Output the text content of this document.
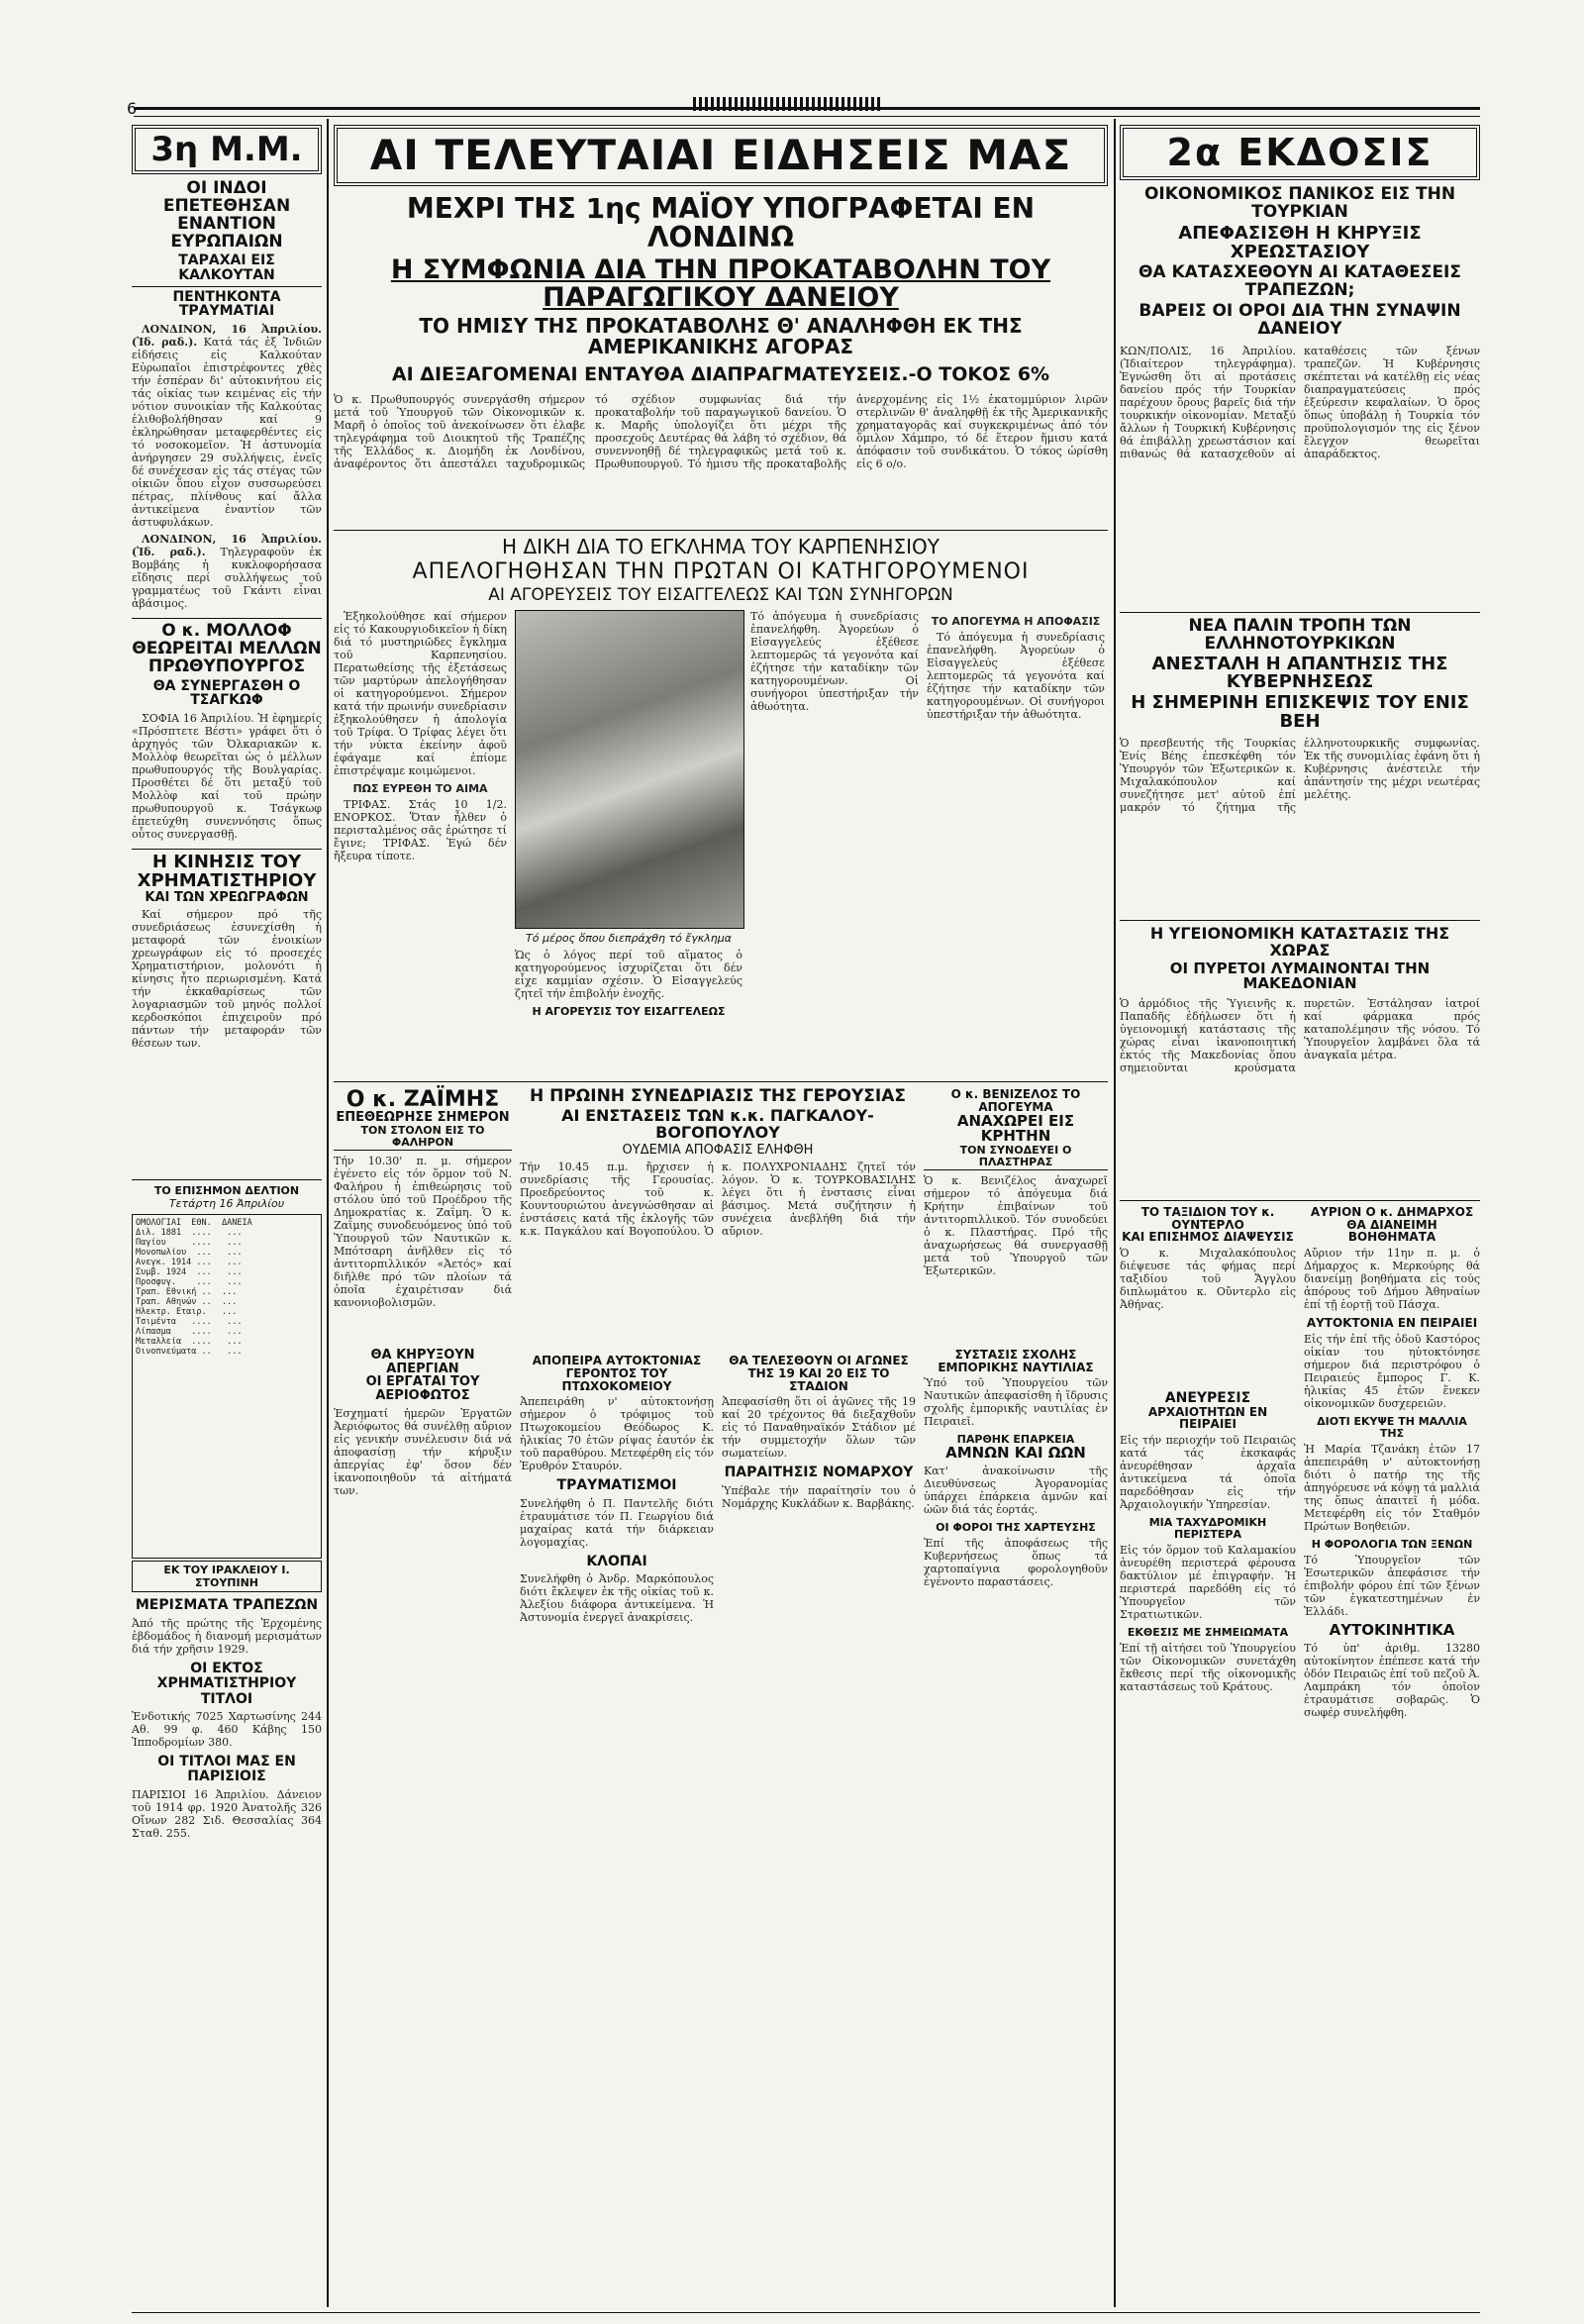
6
3η Μ.Μ.
ΟΙ ΙΝΔΟΙ ΕΠΕΤΕΘΗΣΑΝ ΕΝΑΝΤΙΟΝ ΕΥΡΩΠΑΙΩΝ
ΤΑΡΑΧΑΙ ΕΙΣ ΚΑΛΚΟΥΤΑΝ
ΠΕΝΤΗΚΟΝΤΑ ΤΡΑΥΜΑΤΙΑΙ

ΛΟΝΔΙΝΟΝ, 16 Ἀπριλίου. (Ἰδ. ραδ.). Κατά τάς ἐξ Ἰνδιῶν εἰδήσεις εἰς Καλκούταν Εὐρωπαῖοι ἐπιστρέφοντες χθὲς τήν ἑσπέραν δι' αὐτοκινήτου εἰς τάς οἰκίας των κειμένας εἰς τήν νότιον συνοικίαν τῆς Καλκούτας ἐλιθοβολήθησαν καί 9 ἐκληρώθησαν μεταφερθέντες εἰς τό νοσοκομεῖον. Ἡ ἀστυνομία ἀνήργησεν 29 συλλήψεις, ἐνεῖς δέ συνέχεσαν εἰς τάς στέγας τῶν οἰκιῶν ὅπου εἶχον συσσωρεύσει πέτρας, πλίνθους καί ἄλλα ἀντικείμενα ἐναντίον τῶν ἀστυφυλάκων.

ΛΟΝΔΙΝΟΝ, 16 Ἀπριλίου. (Ἰδ. ραδ.). Τηλεγραφοῦν ἐκ Βομβάης ἡ κυκλοφορήσασα εἴδησις περί συλλήψεως τοῦ γραμματέως τοῦ Γκάντι εἶναι ἀβάσιμος.

Ο κ. ΜΟΛΛΟΦ ΘΕΩΡΕΙΤΑΙ ΜΕΛΛΩΝ ΠΡΩΘΥΠΟΥΡΓΟΣ
ΘΑ ΣΥΝΕΡΓΑΣΘΗ Ο ΤΣΑΓΚΩΦ

ΣΟΦΙΑ 16 Ἀπριλίου. Ἡ ἐφημερίς «Πρόσπτετε Βέστι» γράφει ὅτι ὁ ἀρχηγός τῶν Ὀλκαριακῶν κ. Μολλὸφ θεωρεῖται ὡς ὁ μέλλων πρωθυπουργός τῆς Βουλγαρίας. Προσθέτει δέ ὅτι μεταξύ τοῦ Μολλὸφ καί τοῦ πρώην πρωθυπουργοῦ κ. Τσάγκωφ ἐπετεύχθη συνεννόησις ὅπως οὗτος συνεργασθῇ.

Η ΚΙΝΗΣΙΣ ΤΟΥ ΧΡΗΜΑΤΙΣΤΗΡΙΟΥ
ΚΑΙ ΤΩΝ ΧΡΕΩΓΡΑΦΩΝ

Καί σήμερον πρό τῆς συνεδριάσεως ἐσυνεχίσθη ἡ μεταφορά τῶν ἐνοικίων χρεωγράφων εἰς τό προσεχές Χρηματιστήριον, μολονότι ἡ κίνησις ἦτο περιωρισμένη. Κατά τήν ἐκκαθαρίσεως τῶν λογαριασμῶν τοῦ μηνός πολλοί κερδοσκόποι ἐπιχειροῦν πρό πάντων τήν μεταφοράν τῶν θέσεων των.

ΤΟ ΕΠΙΣΗΜΟΝ ΔΕΛΤΙΟΝ
Τετάρτη 16 Ἀπριλίου
ΟΜΟΛΟΓΙΑΙ  ΕΘΝ.  ΔΑΝΕΙΑ
Διλ. 1881  ....   ...
Παγίου     ....   ...
Μονοπωλίου  ...   ...
Ανεγκ. 1914 ...   ...
Συμβ. 1924  ...   ...
Προσφυγ.    ...   ...
Τραπ. Εθνική ..  ...
Τραπ. Αθηνών ..  ...
Ηλεκτρ. Εταιρ.   ...
Τσιμέντα   ....   ...
Λίπασμα    ....   ...
Μεταλλεία  ....   ...
Οινοπνεύματα ..   ...
ΕΚ ΤΟΥ ΙΡΑΚΛΕΙΟΥ Ι. ΣΤΟΥΠΙΝΗ
ΜΕΡΙΣΜΑΤΑ ΤΡΑΠΕΖΩΝ
Ἀπό τῆς πρώτης τῆς Ἐρχομένης ἑβδομάδος ἡ διανομή μερισμάτων διά τήν χρῆσιν 1929.
ΟΙ ΕΚΤΟΣ ΧΡΗΜΑΤΙΣΤΗΡΙΟΥ ΤΙΤΛΟΙ
Ἐνδοτικής 7025 Χαρτωσίνης 244 Αθ. 99 φ. 460 Κάβης 150 Ἰπποδρομίων 380.
ΟΙ ΤΙΤΛΟΙ ΜΑΣ ΕΝ ΠΑΡΙΣΙΟΙΣ
ΠΑΡΙΣΙΟΙ 16 Ἀπριλίου. Δάνειον τοῦ 1914 φρ. 1920 Ἀνατολῆς 326 Οἴνων 282 Σιδ. Θεσσαλίας 364 Σταθ. 255.
ΑΙ ΤΕΛΕΥΤΑΙΑΙ ΕΙΔΗΣΕΙΣ ΜΑΣ
ΜΕΧΡΙ ΤΗΣ 1ης ΜΑΪΟΥ ΥΠΟΓΡΑΦΕΤΑΙ ΕΝ ΛΟΝΔΙΝΩ
Η ΣΥΜΦΩΝΙΑ ΔΙΑ ΤΗΝ ΠΡΟΚΑΤΑΒΟΛΗΝ ΤΟΥ ΠΑΡΑΓΩΓΙΚΟΥ ΔΑΝΕΙΟΥ
ΤΟ ΗΜΙΣΥ ΤΗΣ ΠΡΟΚΑΤΑΒΟΛΗΣ Θ' ΑΝΑΛΗΦΘΗ ΕΚ ΤΗΣ ΑΜΕΡΙΚΑΝΙΚΗΣ ΑΓΟΡΑΣ
ΑΙ ΔΙΕΞΑΓΟΜΕΝΑΙ ΕΝΤΑΥΘΑ ΔΙΑΠΡΑΓΜΑΤΕΥΣΕΙΣ.-Ο ΤΟΚΟΣ 6%
Ὁ κ. Πρωθυπουργός συνεργάσθη σήμερον μετά τοῦ Ὑπουργοῦ τῶν Οἰκονομικῶν κ. Μαρῆ ὁ ὁποῖος τοῦ ἀνεκοίνωσεν ὅτι ἐλαβε τηλεγράφημα τοῦ Διοικητοῦ τῆς Τραπέζης τῆς Ἑλλάδος κ. Διομήδη ἐκ Λονδίνου, ἀναφέροντος ὅτι ἀπεστάλει ταχυδρομικῶς τό σχέδιον συμφωνίας διά τήν προκαταβολήν τοῦ παραγωγικοῦ δανείου. Ὁ κ. Μαρῆς ὑπολογίζει ὅτι μέχρι τῆς προσεχοῦς Δευτέρας θά λάβη τό σχέδιον, θά συνεννοηθῇ δέ τηλεγραφικῶς μετά τοῦ κ. Πρωθυπουργοῦ. Τό ἡμισυ τῆς προκαταβολῆς ἀνερχομένης εἰς 1½ ἑκατομμύριον λιρῶν στερλινῶν θ' ἀναληφθῇ ἐκ τῆς Ἀμερικανικῆς χρηματαγορᾶς καί συγκεκριμένως ἀπό τόν ὅμιλον Χάμπρο, τό δέ ἕτερον ἥμισυ κατά ἀπόφασιν τοῦ συνδικάτου. Ὁ τόκος ὡρίσθη εἰς 6 ο/ο.
Η ΔΙΚΗ ΔΙΑ ΤΟ ΕΓΚΛΗΜΑ ΤΟΥ ΚΑΡΠΕΝΗΣΙΟΥ
ΑΠΕΛΟΓΗΘΗΣΑΝ ΤΗΝ ΠΡΩΤΑΝ ΟΙ ΚΑΤΗΓΟΡΟΥΜΕΝΟΙ
ΑΙ ΑΓΟΡΕΥΣΕΙΣ ΤΟΥ ΕΙΣΑΓΓΕΛΕΩΣ ΚΑΙ ΤΩΝ ΣΥΝΗΓΟΡΩΝ

Ἐξηκολούθησε καί σήμερον εἰς τό Κακουργιοδικεῖον ἡ δίκη διά τό μυστηριῶδες ἔγκλημα τοῦ Καρπενησίου. Περατωθείσης τῆς ἐξετάσεως τῶν μαρτύρων ἀπελογήθησαν οἱ κατηγορούμενοι. Σήμερον κατά τήν πρωινήν συνεδρίασιν ἐξηκολούθησεν ἡ ἀπολογία τοῦ Τρίφα. Ὁ Τρίφας λέγει ὅτι τήν νύκτα ἐκείνην ἀφοῦ ἐφάγαμε καί ἐπίομε ἐπιστρέψαμε κοιμώμενοι.

ΠΩΣ ΕΥΡΕΘΗ ΤΟ ΑΙΜΑ

ΤΡΙΦΑΣ. Στάς 10 1/2. ΕΝΟΡΚΟΣ. Ὅταν ἦλθεν ὁ περισταλμένος σᾶς ἐρώτησε τί ἔγινε; ΤΡΙΦΑΣ. Ἐγώ δέν ἤξευρα τίποτε.

Τό μέρος ὅπου διεπράχθη τό ἔγκλημα
Ὡς ὁ λόγος περί τοῦ αἵματος ὁ κατηγορούμενος ἰσχυρίζεται ὅτι δέν εἶχε καμμίαν σχέσιν. Ὁ Εἰσαγγελεύς ζητεῖ τήν ἐπιβολήν ἐνοχῆς.
Η ΑΓΟΡΕΥΣΙΣ ΤΟΥ ΕΙΣΑΓΓΕΛΕΩΣ
Τό ἀπόγευμα ἡ συνεδρίασις ἐπανελήφθη. Ἀγορεύων ὁ Εἰσαγγελεύς ἐξέθεσε λεπτομερῶς τά γεγονότα καί ἐζήτησε τήν καταδίκην τῶν κατηγορουμένων. Οἱ συνήγοροι ὑπεστήριξαν τήν ἀθωότητα.
ΤΟ ΑΠΟΓΕΥΜΑ Η ΑΠΟΦΑΣΙΣ

Τό ἀπόγευμα ἡ συνεδρίασις ἐπανελήφθη. Ἀγορεύων ὁ Εἰσαγγελεύς ἐξέθεσε λεπτομερῶς τά γεγονότα καί ἐζήτησε τήν καταδίκην τῶν κατηγορουμένων. Οἱ συνήγοροι ὑπεστήριξαν τήν ἀθωότητα.

Ο κ. ΖΑΪΜΗΣ
ΕΠΕΘΕΩΡΗΣΕ ΣΗΜΕΡΟΝ
ΤΟΝ ΣΤΟΛΟΝ ΕΙΣ ΤΟ ΦΑΛΗΡΟΝ
Τήν 10.30' π. μ. σήμερον ἐγένετο εἰς τόν ὅρμον τοῦ Ν. Φαλήρου ἡ ἐπιθεώρησις τοῦ στόλου ὑπό τοῦ Προέδρου τῆς Δημοκρατίας κ. Ζαΐμη. Ὁ κ. Ζαΐμης συνοδευόμενος ὑπό τοῦ Ὑπουργοῦ τῶν Ναυτικῶν κ. Μπότσαρη ἀνῆλθεν εἰς τό ἀντιτορπιλλικόν «Ἀετός» καί διῆλθε πρό τῶν πλοίων τά ὁποῖα ἐχαιρέτισαν διά κανονιοβολισμῶν.
ΘΑ ΚΗΡΥΞΟΥΝ ΑΠΕΡΓΙΑΝ
ΟΙ ΕΡΓΑΤΑΙ ΤΟΥ ΑΕΡΙΟΦΩΤΟΣ
Ἐσχηματί ἡμερῶν Ἐργατῶν Ἀεριόφωτος θά συνέλθῃ αὔριον εἰς γενικήν συνέλευσιν διά νά ἀποφασίσῃ τήν κήρυξιν ἀπεργίας ἐφ' ὅσον δέν ἱκανοποιηθοῦν τά αἰτήματά των.
Η ΠΡΩΙΝΗ ΣΥΝΕΔΡΙΑΣΙΣ ΤΗΣ ΓΕΡΟΥΣΙΑΣ
ΑΙ ΕΝΣΤΑΣΕΙΣ ΤΩΝ κ.κ. ΠΑΓΚΑΛΟΥ-ΒΟΓΟΠΟΥΛΟΥ
ΟΥΔΕΜΙΑ ΑΠΟΦΑΣΙΣ ΕΛΗΦΘΗ
Τήν 10.45 π.μ. ἤρχισεν ἡ συνεδρίασις τῆς Γερουσίας. Προεδρεύοντος τοῦ κ. Κουντουριώτου ἀνεγνώσθησαν αἱ ἐνστάσεις κατά τῆς ἐκλογῆς τῶν κ.κ. Παγκάλου καί Βογοπούλου. Ὁ κ. ΠΟΛΥΧΡΟΝΙΑΔΗΣ ζητεῖ τόν λόγον. Ὁ κ. ΤΟΥΡΚΟΒΑΣΙΛΗΣ λέγει ὅτι ἡ ἐνστασις εἶναι βάσιμος. Μετά συζήτησιν ἡ συνέχεια ἀνεβλήθη διά τήν αὔριον.
ΑΠΟΠΕΙΡΑ ΑΥΤΟΚΤΟΝΙΑΣ
ΓΕΡΟΝΤΟΣ ΤΟΥ ΠΤΩΧΟΚΟΜΕΙΟΥ
Ἀπεπειράθη ν' αὐτοκτονήσῃ σήμερον ὁ τρόφιμος τοῦ Πτωχοκομείου Θεόδωρος Κ. ἡλικίας 70 ἐτῶν ρίψας ἑαυτόν ἐκ τοῦ παραθύρου. Μετεφέρθη εἰς τόν Ἐρυθρόν Σταυρόν.
ΤΡΑΥΜΑΤΙΣΜΟΙ
Συνελήφθη ὁ Π. Παντελῆς διότι ἐτραυμάτισε τόν Π. Γεωργίου διά μαχαίρας κατά τήν διάρκειαν λογομαχίας.
ΚΛΟΠΑΙ
Συνελήφθη ὁ Ἀνδρ. Μαρκόπουλος διότι ἔκλεψεν ἐκ τῆς οἰκίας τοῦ κ. Ἀλεξίου διάφορα ἀντικείμενα. Ἡ Ἀστυνομία ἐνεργεῖ ἀνακρίσεις.
ΘΑ ΤΕΛΕΣΘΟΥΝ ΟΙ ΑΓΩΝΕΣ
ΤΗΣ 19 ΚΑΙ 20 ΕΙΣ ΤΟ ΣΤΑΔΙΟΝ
Ἀπεφασίσθη ὅτι οἱ ἀγῶνες τῆς 19 καί 20 τρέχοντος θά διεξαχθοῦν εἰς τό Παναθηναϊκόν Στάδιον μέ τήν συμμετοχήν ὅλων τῶν σωματείων.
ΠΑΡΑΙΤΗΣΙΣ ΝΟΜΑΡΧΟΥ
Ὑπέβαλε τήν παραίτησίν του ὁ Νομάρχης Κυκλάδων κ. Βαρβάκης.
Ο κ. ΒΕΝΙΖΕΛΟΣ ΤΟ ΑΠΟΓΕΥΜΑ
ΑΝΑΧΩΡΕΙ ΕΙΣ ΚΡΗΤΗΝ
ΤΟΝ ΣΥΝΟΔΕΥΕΙ Ο ΠΛΑΣΤΗΡΑΣ
Ὁ κ. Βενιζέλος ἀναχωρεῖ σήμερον τό ἀπόγευμα διά Κρήτην ἐπιβαίνων τοῦ ἀντιτορπιλλικοῦ. Τόν συνοδεύει ὁ κ. Πλαστήρας. Πρό τῆς ἀναχωρήσεως θά συνεργασθῇ μετά τοῦ Ὑπουργοῦ τῶν Ἐξωτερικῶν.
ΣΥΣΤΑΣΙΣ ΣΧΟΛΗΣ
ΕΜΠΟΡΙΚΗΣ ΝΑΥΤΙΛΙΑΣ
Ὑπό τοῦ Ὑπουργείου τῶν Ναυτικῶν ἀπεφασίσθη ἡ ἵδρυσις σχολῆς ἐμπορικῆς ναυτιλίας ἐν Πειραιεῖ.
ΠΑΡΘΗΚ ΕΠΑΡΚΕΙΑ
ΑΜΝΩΝ ΚΑΙ ΩΩΝ
Κατ' ἀνακοίνωσιν τῆς Διευθύνσεως Ἀγορανομίας ὑπάρχει ἐπάρκεια ἀμνῶν καί ὠῶν διά τάς ἑορτάς.
ΟΙ ΦΟΡΟΙ ΤΗΣ ΧΑΡΤΕΥΣΗΣ
Ἐπί τῆς ἀποφάσεως τῆς Κυβερνήσεως ὅπως τά χαρτοπαίγνια φορολογηθοῦν ἐγένοντο παραστάσεις.
2α ΕΚΔΟΣΙΣ
ΟΙΚΟΝΟΜΙΚΟΣ ΠΑΝΙΚΟΣ ΕΙΣ ΤΗΝ ΤΟΥΡΚΙΑΝ
ΑΠΕΦΑΣΙΣΘΗ Η ΚΗΡΥΞΙΣ ΧΡΕΩΣΤΑΣΙΟΥ
ΘΑ ΚΑΤΑΣΧΕΘΟΥΝ ΑΙ ΚΑΤΑΘΕΣΕΙΣ ΤΡΑΠΕΖΩΝ;
ΒΑΡΕΙΣ ΟΙ ΟΡΟΙ ΔΙΑ ΤΗΝ ΣΥΝΑΨΙΝ ΔΑΝΕΙΟΥ
ΚΩΝ/ΠΟΛΙΣ, 16 Ἀπριλίου. (Ἰδιαίτερον τηλεγράφημα). Ἐγνώσθη ὅτι αἱ προτάσεις δανείου πρός τήν Τουρκίαν παρέχουν ὅρους βαρεῖς διά τήν τουρκικήν οἰκονομίαν. Μεταξύ ἄλλων ἡ Τουρκική Κυβέρνησις θά ἐπιβάλλῃ χρεωστάσιον καί πιθανώς θά κατασχεθοῦν αἱ καταθέσεις τῶν ξένων τραπεζῶν. Ἡ Κυβέρνησις σκέπτεται νά κατέλθῃ εἰς νέας διαπραγματεύσεις πρός ἐξεύρεσιν κεφαλαίων. Ὁ ὅρος ὅπως ὑποβάλῃ ἡ Τουρκία τόν προϋπολογισμόν της εἰς ξένον ἔλεγχον θεωρεῖται ἀπαράδεκτος.
ΝΕΑ ΠΑΛΙΝ ΤΡΟΠΗ ΤΩΝ ΕΛΛΗΝΟΤΟΥΡΚΙΚΩΝ
ΑΝΕΣΤΑΛΗ Η ΑΠΑΝΤΗΣΙΣ ΤΗΣ ΚΥΒΕΡΝΗΣΕΩΣ
Η ΣΗΜΕΡΙΝΗ ΕΠΙΣΚΕΨΙΣ ΤΟΥ ΕΝΙΣ ΒΕΗ
Ὁ πρεσβευτής τῆς Τουρκίας Ἐνίς Βέης ἐπεσκέφθη τόν Ὑπουργόν τῶν Ἐξωτερικῶν κ. Μιχαλακόπουλον καί συνεζήτησε μετ' αὐτοῦ ἐπί μακρόν τό ζήτημα τῆς ἑλληνοτουρκικῆς συμφωνίας. Ἐκ τῆς συνομιλίας ἐφάνη ὅτι ἡ Κυβέρνησις ἀνέστειλε τήν ἀπάντησίν της μέχρι νεωτέρας μελέτης.
Η ΥΓΕΙΟΝΟΜΙΚΗ ΚΑΤΑΣΤΑΣΙΣ ΤΗΣ ΧΩΡΑΣ
ΟΙ ΠΥΡΕΤΟΙ ΛΥΜΑΙΝΟΝΤΑΙ ΤΗΝ ΜΑΚΕΔΟΝΙΑΝ
Ὁ ἀρμόδιος τῆς Ὑγιεινῆς κ. Παπαδῆς ἐδήλωσεν ὅτι ἡ ὑγειονομική κατάστασις τῆς χώρας εἶναι ἱκανοποιητική ἐκτός τῆς Μακεδονίας ὅπου σημειοῦνται κρούσματα πυρετῶν. Ἐστάλησαν ἰατροί καί φάρμακα πρός καταπολέμησιν τῆς νόσου. Τό Ὑπουργεῖον λαμβάνει ὅλα τά ἀναγκαῖα μέτρα.
ΤΟ ΤΑΞΙΔΙΟΝ ΤΟΥ κ. ΟΥΝΤΕΡΛΟ
ΚΑΙ ΕΠΙΣΗΜΟΣ ΔΙΑΨΕΥΣΙΣ
Ὁ κ. Μιχαλακόπουλος διέψευσε τάς φήμας περί ταξιδίου τοῦ Ἄγγλου διπλωμάτου κ. Οὔντερλο εἰς Ἀθήνας.
ΑΝΕΥΡΕΣΙΣ
ΑΡΧΑΙΟΤΗΤΩΝ ΕΝ ΠΕΙΡΑΙΕΙ
Εἰς τήν περιοχήν τοῦ Πειραιῶς κατά τάς ἐκσκαφάς ἀνευρέθησαν ἀρχαῖα ἀντικείμενα τά ὁποῖα παρεδόθησαν εἰς τήν Ἀρχαιολογικήν Ὑπηρεσίαν.
ΜΙΑ ΤΑΧΥΔΡΟΜΙΚΗ ΠΕΡΙΣΤΕΡΑ
Εἰς τόν ὅρμον τοῦ Καλαμακίου ἀνευρέθη περιστερά φέρουσα δακτύλιον μέ ἐπιγραφήν. Ἡ περιστερά παρεδόθη εἰς τό Ὑπουργεῖον τῶν Στρατιωτικῶν.
ΕΚΘΕΣΙΣ ΜΕ ΣΗΜΕΙΩΜΑΤΑ
Ἐπί τῇ αἰτήσει τοῦ Ὑπουργείου τῶν Οἰκονομικῶν συνετάχθη ἔκθεσις περί τῆς οἰκονομικῆς καταστάσεως τοῦ Κράτους.
ΑΥΡΙΟΝ Ο κ. ΔΗΜΑΡΧΟΣ
ΘΑ ΔΙΑΝΕΙΜΗ ΒΟΗΘΗΜΑΤΑ
Αὔριον τήν 11ην π. μ. ὁ Δήμαρχος κ. Μερκούρης θά διανείμῃ βοηθήματα εἰς τούς ἀπόρους τοῦ Δήμου Ἀθηναίων ἐπί τῇ ἑορτῇ τοῦ Πάσχα.
ΑΥΤΟΚΤΟΝΙΑ ΕΝ ΠΕΙΡΑΙΕΙ
Εἰς τήν ἐπί τῆς ὁδοῦ Καστόρος οἰκίαν του ηὐτοκτόνησε σήμερον διά περιστρόφου ὁ Πειραιεύς ἔμπορος Γ. Κ. ἡλικίας 45 ἐτῶν ἕνεκεν οἰκονομικῶν δυσχερειῶν.
ΔΙΟΤΙ ΕΚΥΨΕ ΤΗ ΜΑΛΛΙΑ ΤΗΣ
Ἡ Μαρία Τζανάκη ἐτῶν 17 ἀπεπειράθη ν' αὐτοκτονήσῃ διότι ὁ πατήρ της τῆς ἀπηγόρευσε νά κόψῃ τά μαλλιά της ὅπως ἀπαιτεῖ ἡ μόδα. Μετεφέρθη εἰς τόν Σταθμόν Πρώτων Βοηθειῶν.
Η ΦΟΡΟΛΟΓΙΑ ΤΩΝ ΞΕΝΩΝ
Τό Ὑπουργεῖον τῶν Ἐσωτερικῶν ἀπεφάσισε τήν ἐπιβολήν φόρου ἐπί τῶν ξένων τῶν ἐγκατεστημένων ἐν Ἑλλάδι.
ΑΥΤΟΚΙΝΗΤΙΚΑ
Τό ὑπ' ἀριθμ. 13280 αὐτοκίνητον ἐπέπεσε κατά τήν ὁδόν Πειραιῶς ἐπί τοῦ πεζοῦ Ἀ. Λαμπράκη τόν ὁποῖον ἐτραυμάτισε σοβαρῶς. Ὁ σωφέρ συνελήφθη.
